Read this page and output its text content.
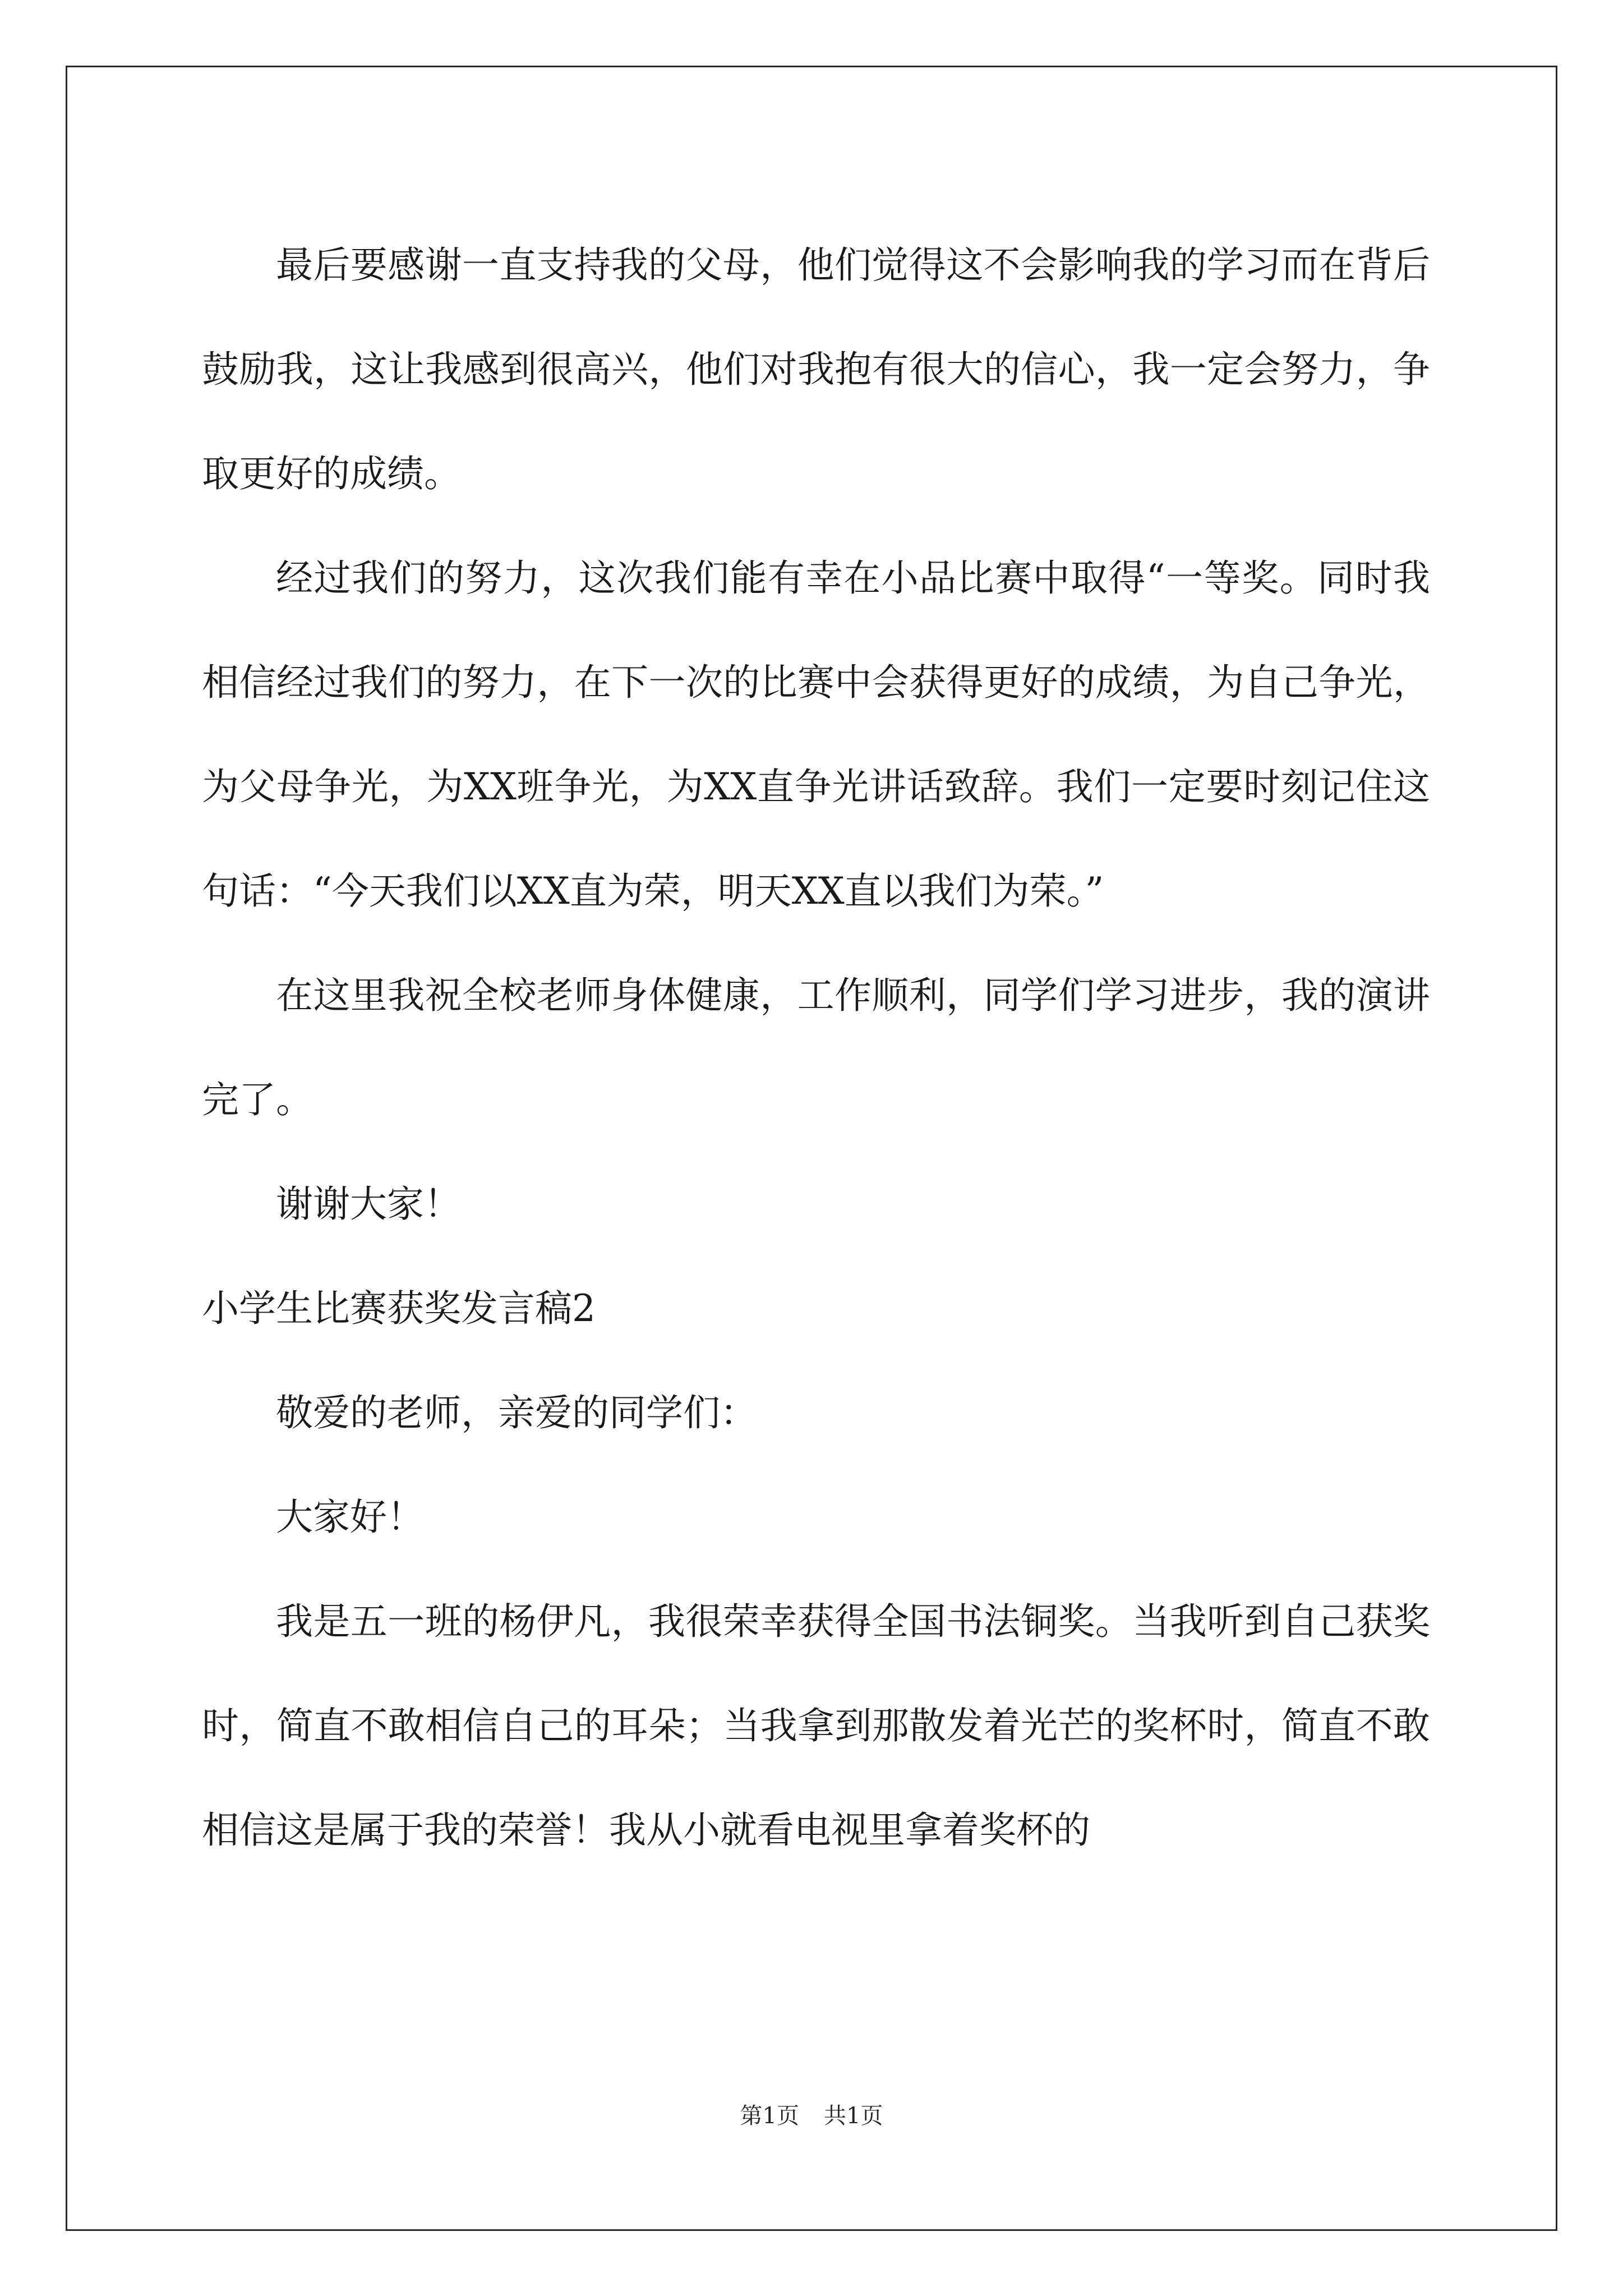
最后要感谢一直支持我的父母，他们觉得这不会影响我的学习而在背后鼓励我，这让我感到很高兴，他们对我抱有很大的信心，我一定会努力，争取更好的成绩。

经过我们的努力，这次我们能有幸在小品比赛中取得“一等奖。同时我相信经过我们的努力，在下一次的比赛中会获得更好的成绩，为自己争光，为父母争光，为XX班争光，为XX直争光讲话致辞。我们一定要时刻记住这句话：“今天我们以XX直为荣，明天XX直以我们为荣。”

在这里我祝全校老师身体健康，工作顺利，同学们学习进步，我的演讲完了。

谢谢大家！

小学生比赛获奖发言稿2

敬爱的老师，亲爱的同学们：

大家好！

我是五一班的杨伊凡，我很荣幸获得全国书法铜奖。当我听到自己获奖时，简直不敢相信自己的耳朵；当我拿到那散发着光芒的奖杯时，简直不敢相信这是属于我的荣誉！我从小就看电视里拿着奖杯的

第1页 共1页
